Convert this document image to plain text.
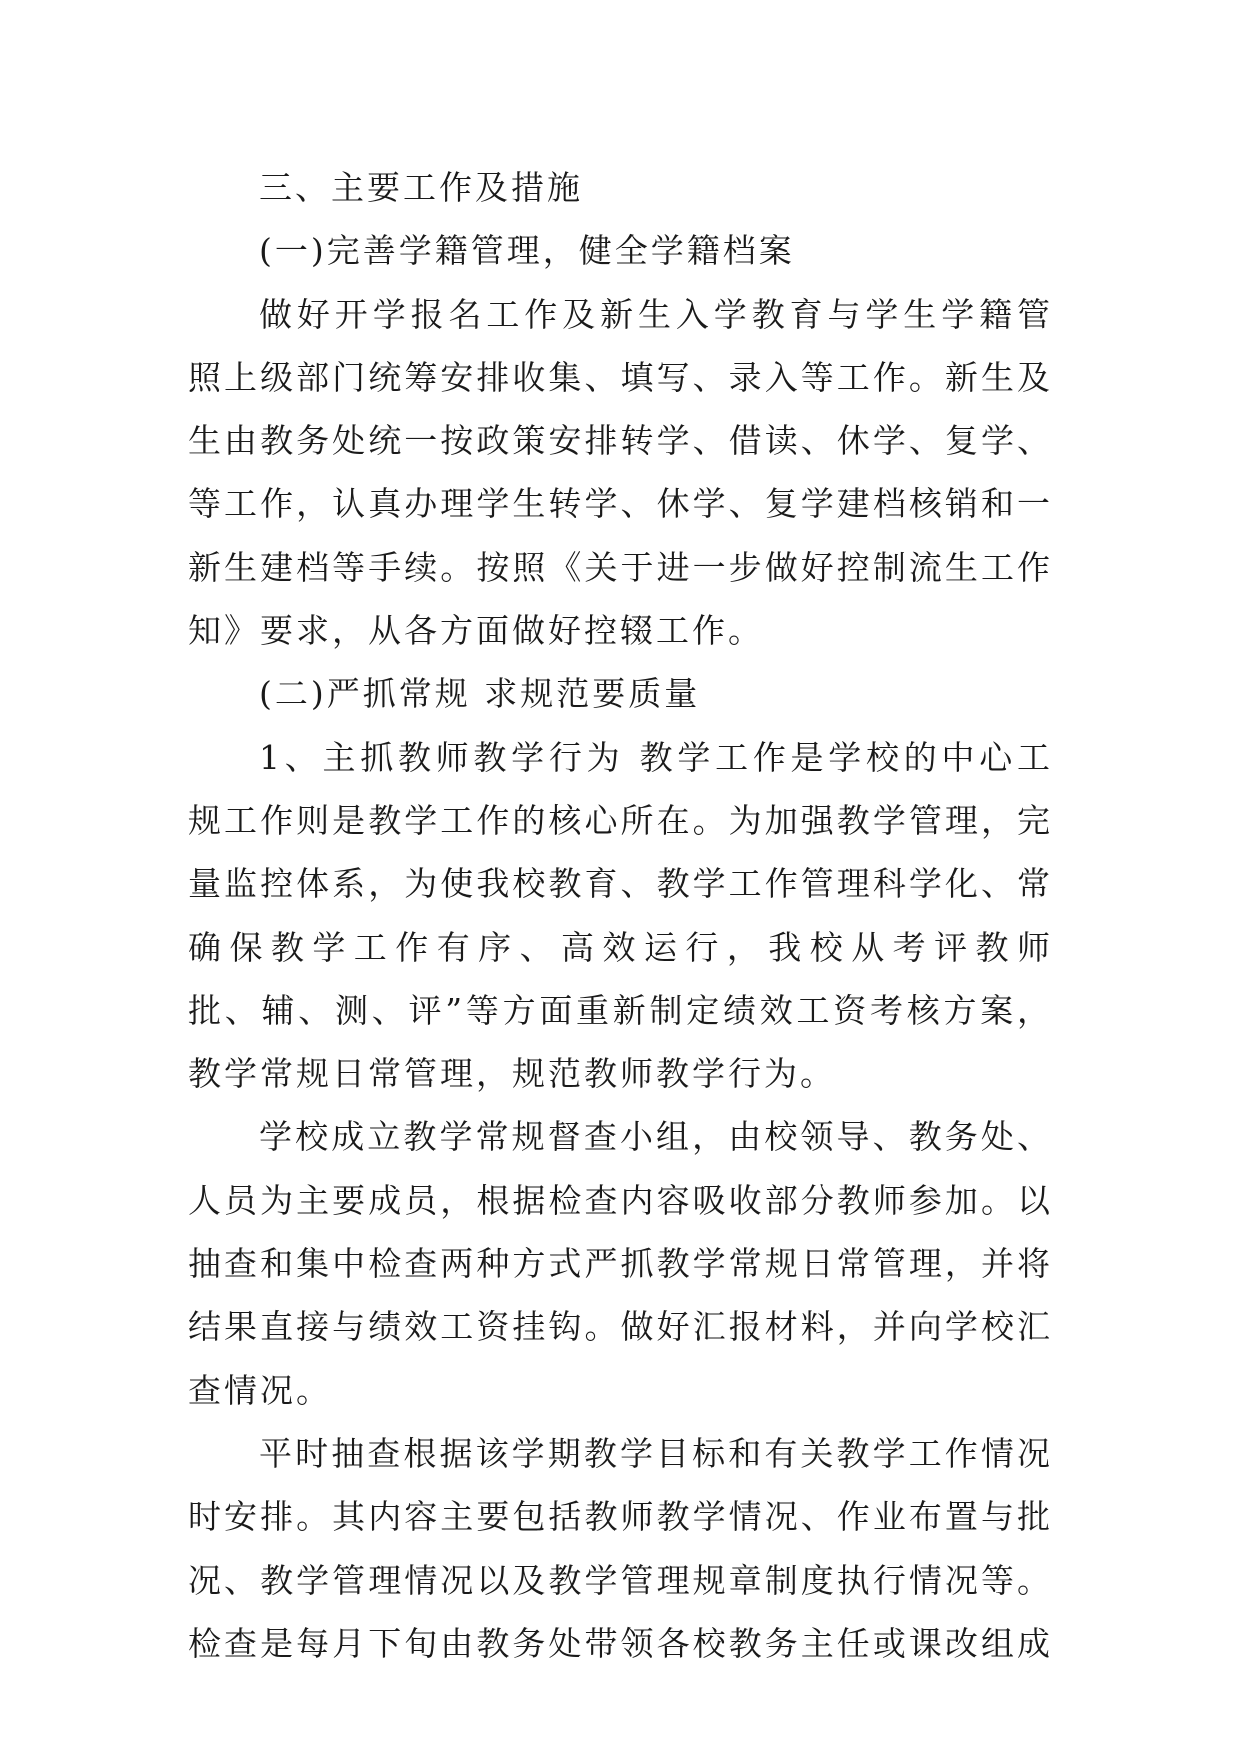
三、主要工作及措施
(一)完善学籍管理，健全学籍档案
做好开学报名工作及新生入学教育与学生学籍管
照上级部门统筹安排收集、填写、录入等工作。新生及
生由教务处统一按政策安排转学、借读、休学、复学、
等工作，认真办理学生转学、休学、复学建档核销和一
新生建档等手续。按照《关于进一步做好控制流生工作
知》要求，从各方面做好控辍工作。
(二)严抓常规 求规范要质量
1、主抓教师教学行为 教学工作是学校的中心工
规工作则是教学工作的核心所在。为加强教学管理，完
量监控体系，为使我校教育、教学工作管理科学化、常
确保教学工作有序、高效运行，我校从考评教师
批、辅、测、评”等方面重新制定绩效工资考核方案，
教学常规日常管理，规范教师教学行为。
学校成立教学常规督查小组，由校领导、教务处、
人员为主要成员，根据检查内容吸收部分教师参加。以
抽查和集中检查两种方式严抓教学常规日常管理，并将
结果直接与绩效工资挂钩。做好汇报材料，并向学校汇
查情况。
平时抽查根据该学期教学目标和有关教学工作情况
时安排。其内容主要包括教师教学情况、作业布置与批
况、教学管理情况以及教学管理规章制度执行情况等。
检查是每月下旬由教务处带领各校教务主任或课改组成
